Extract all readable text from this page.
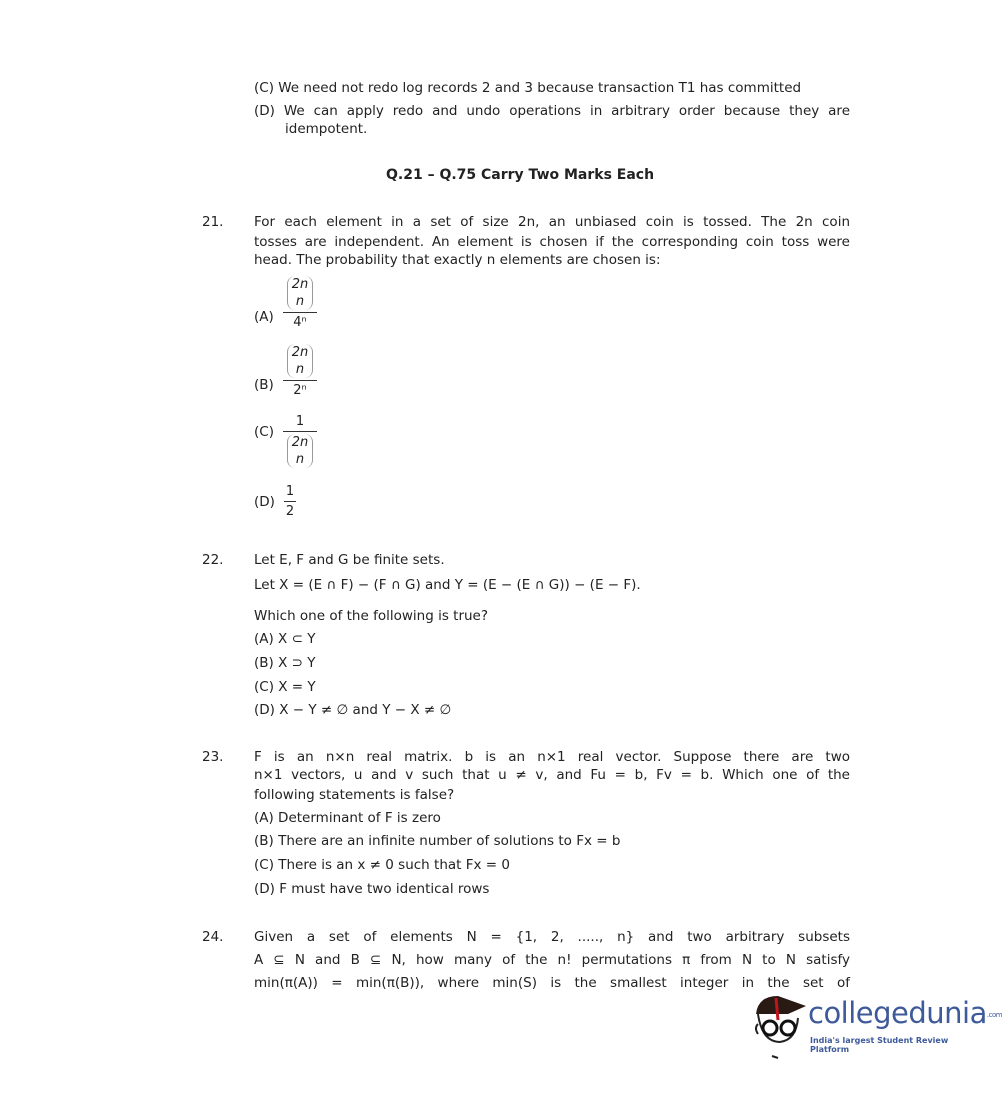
(C) We need not redo log records 2 and 3 because transaction T1 has committed
(D) We can apply redo and undo operations in arbitrary order because they are
idempotent.
Q.21 – Q.75 Carry Two Marks Each
21. For each element in a set of size 2n, an unbiased coin is tossed. The 2n coin
tosses are independent. An element is chosen if the corresponding coin toss were
head. The probability that exactly n elements are chosen is:
(A)
2n
n
4ⁿ
(B)
2n
n
2ⁿ
(C)
1
2n
n
(D)
1
2
22. Let E, F and G be finite sets.
Let X = (E ∩ F) − (F ∩ G) and Y = (E − (E ∩ G)) − (E − F).
Which one of the following is true?
(A) X ⊂ Y
(B) X ⊃ Y
(C) X = Y
(D) X − Y ≠ ∅ and Y − X ≠ ∅
23. F is an n×n real matrix. b is an n×1 real vector. Suppose there are two
n×1 vectors, u and v such that u ≠ v, and Fu = b, Fv = b. Which one of the
following statements is false?
(A) Determinant of F is zero
(B) There are an infinite number of solutions to Fx = b
(C) There is an x ≠ 0 such that Fx = 0
(D) F must have two identical rows
24. Given a set of elements N = {1, 2, ....., n} and two arbitrary subsets
A ⊆ N and B ⊆ N, how many of the n! permutations π from N to N satisfy
min(π(A)) = min(π(B)), where min(S) is the smallest integer in the set of
collegedunia.com
India's largest Student Review Platform
